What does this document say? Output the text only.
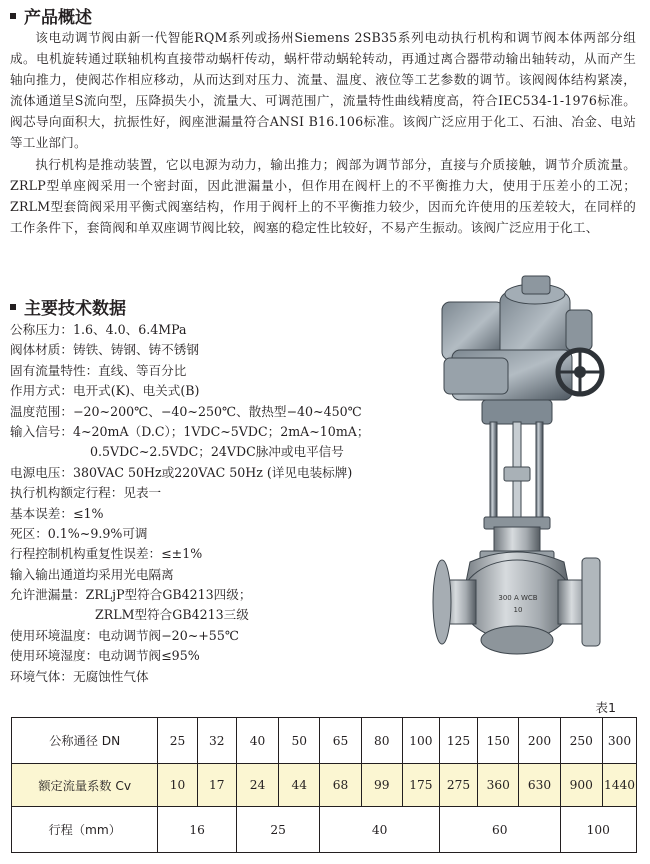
产品概述

该电动调节阀由新一代智能RQM系列或扬州Siemens 2SB35系列电动执行机构和调节阀本体两部分组成。电机旋转通过联轴机构直接带动蜗杆传动，蜗杆带动蜗轮转动，再通过离合器带动输出轴转动，从而产生轴向推力，使阀芯作相应移动，从而达到对压力、流量、温度、液位等工艺参数的调节。该阀阀体结构紧凑，流体通道呈S流向型，压降损失小，流量大、可调范围广，流量特性曲线精度高，符合IEC534-1-1976标准。阀芯导向面积大，抗振性好，阀座泄漏量符合ANSI B16.106标准。该阀广泛应用于化工、石油、冶金、电站等工业部门。

执行机构是推动装置，它以电源为动力，输出推力；阀部为调节部分，直接与介质接触，调节介质流量。ZRLP型单座阀采用一个密封面，因此泄漏量小，但作用在阀杆上的不平衡推力大，使用于压差小的工况；ZRLM型套筒阀采用平衡式阀塞结构，作用于阀杆上的不平衡推力较少，因而允许使用的压差较大，在同样的工作条件下，套筒阀和单双座调节阀比较，阀塞的稳定性比较好，不易产生振动。该阀广泛应用于化工、

主要技术数据
公称压力：1.6、4.0、6.4MPa
阀体材质：铸铁、铸钢、铸不锈钢
固有流量特性：直线、等百分比
作用方式：电开式(K)、电关式(B)
温度范围：−20~200℃、−40~250℃、散热型−40~450℃
输入信号：4~20mA（D.C）；1VDC~5VDC；2mA~10mA；
0.5VDC~2.5VDC；24VDC脉冲或电平信号
电源电压：380VAC 50Hz或220VAC 50Hz (详见电装标牌)
执行机构额定行程：见表一
基本误差：≤1%
死区：0.1%~9.9%可调
行程控制机构重复性误差：≤±1%
输入输出通道均采用光电隔离
允许泄漏量：ZRLjP型符合GB4213四级；
ZRLM型符合GB4213三级
使用环境温度：电动调节阀−20~+55℃
使用环境湿度：电动调节阀≤95%
环境气体：无腐蚀性气体
300 A WCB
10
表1
公称通径 DN	25	32	40	50	65	80	100	125	150	200	250	300
额定流量系数 Cv	10	17	24	44	68	99	175	275	360	630	900	1440
行程（mm）	16		25		40			60			100	
